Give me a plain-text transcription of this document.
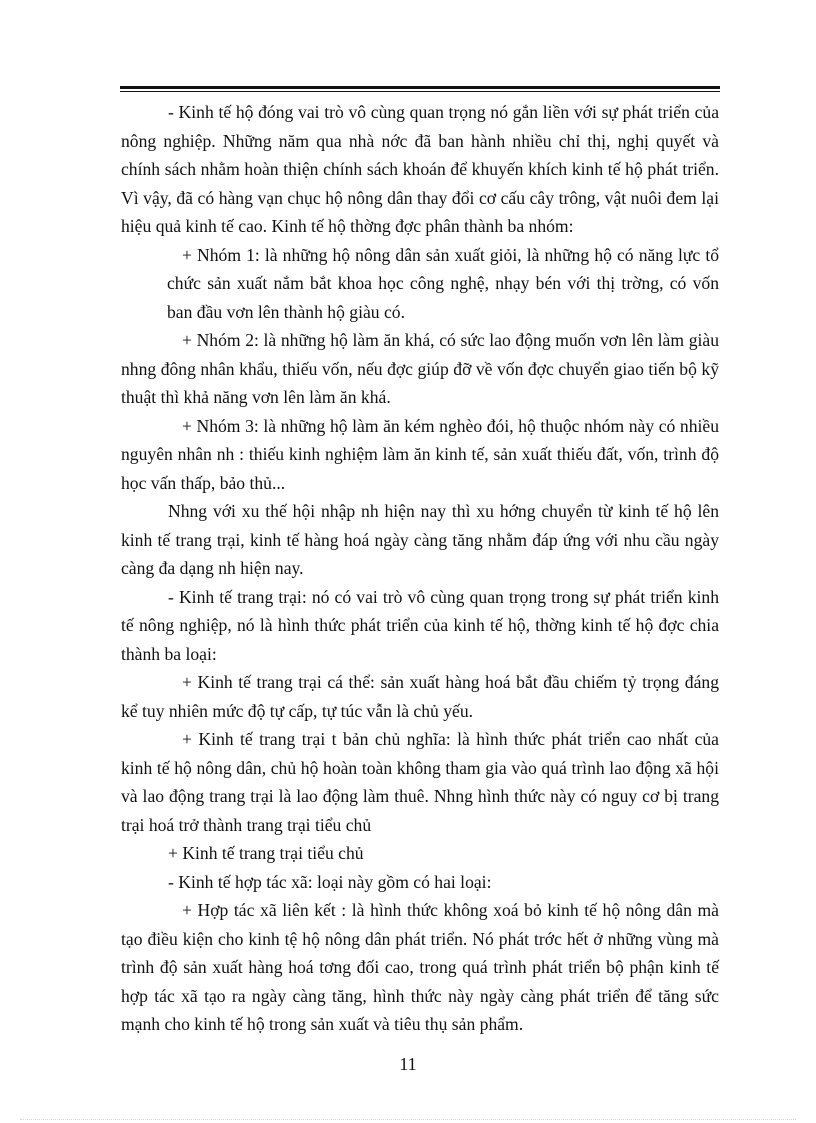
- Kinh tế hộ đóng vai trò vô cùng quan trọng nó gắn liền với sự phát triển của nông nghiệp. Những năm qua nhà nớc đã ban hành nhiều chỉ thị, nghị quyết và chính sách nhằm hoàn thiện chính sách khoán để khuyến khích kinh tế hộ phát triển. Vì vậy, đã có hàng vạn chục hộ nông dân thay đổi cơ cấu cây trông, vật nuôi đem lại hiệu quả kinh tế cao. Kinh tế hộ thờng đợc phân thành ba nhóm:

+ Nhóm 1: là những hộ nông dân sản xuất giỏi, là những hộ có năng lực tổ chức sản xuất nắm bắt khoa học công nghệ, nhạy bén với thị trờng, có vốn ban đầu vơn lên thành hộ giàu có.

+ Nhóm 2: là những hộ làm ăn khá, có sức lao động muốn vơn lên làm giàu nhng đông nhân khẩu, thiếu vốn, nếu đợc giúp đỡ về vốn đợc chuyển giao tiến bộ kỹ thuật thì khả năng vơn lên làm ăn khá.

+ Nhóm 3: là những hộ làm ăn kém nghèo đói, hộ thuộc nhóm này có nhiều nguyên nhân nh : thiếu kinh nghiệm làm ăn kinh tế, sản xuất thiếu đất, vốn, trình độ học vấn thấp, bảo thủ...

Nhng với xu thế hội nhập nh hiện nay thì xu hớng chuyển từ kinh tế hộ lên kinh tế trang trại, kinh tế hàng hoá ngày càng tăng nhằm đáp ứng với nhu cầu ngày càng đa dạng nh hiện nay.

- Kinh tế trang trại: nó có vai trò vô cùng quan trọng trong sự phát triển kinh tế nông nghiệp, nó là hình thức phát triển của kinh tế hộ, thờng kinh tế hộ đợc chia thành ba loại:

+ Kinh tế trang trại cá thể: sản xuất hàng hoá bắt đầu chiếm tỷ trọng đáng kể tuy nhiên mức độ tự cấp, tự túc vẫn là chủ yếu.

+ Kinh tế trang trại t bản chủ nghĩa: là hình thức phát triển cao nhất của kinh tế hộ nông dân, chủ hộ hoàn toàn không tham gia vào quá trình lao động xã hội và lao động trang trại là lao động làm thuê. Nhng hình thức này có nguy cơ bị trang trại hoá trở thành trang trại tiểu chủ

+ Kinh tế trang trại tiểu chủ

- Kinh tế hợp tác xã: loại này gồm có hai loại:

+ Hợp tác xã liên kết : là hình thức không xoá bỏ kinh tế hộ nông dân mà tạo điều kiện cho kinh tệ hộ nông dân phát triển. Nó phát trớc hết ở những vùng mà trình độ sản xuất hàng hoá tơng đối cao, trong quá trình phát triển bộ phận kinh tế hợp tác xã tạo ra ngày càng tăng, hình thức này ngày càng phát triển để tăng sức mạnh cho kinh tế hộ trong sản xuất và tiêu thụ sản phẩm.

11
